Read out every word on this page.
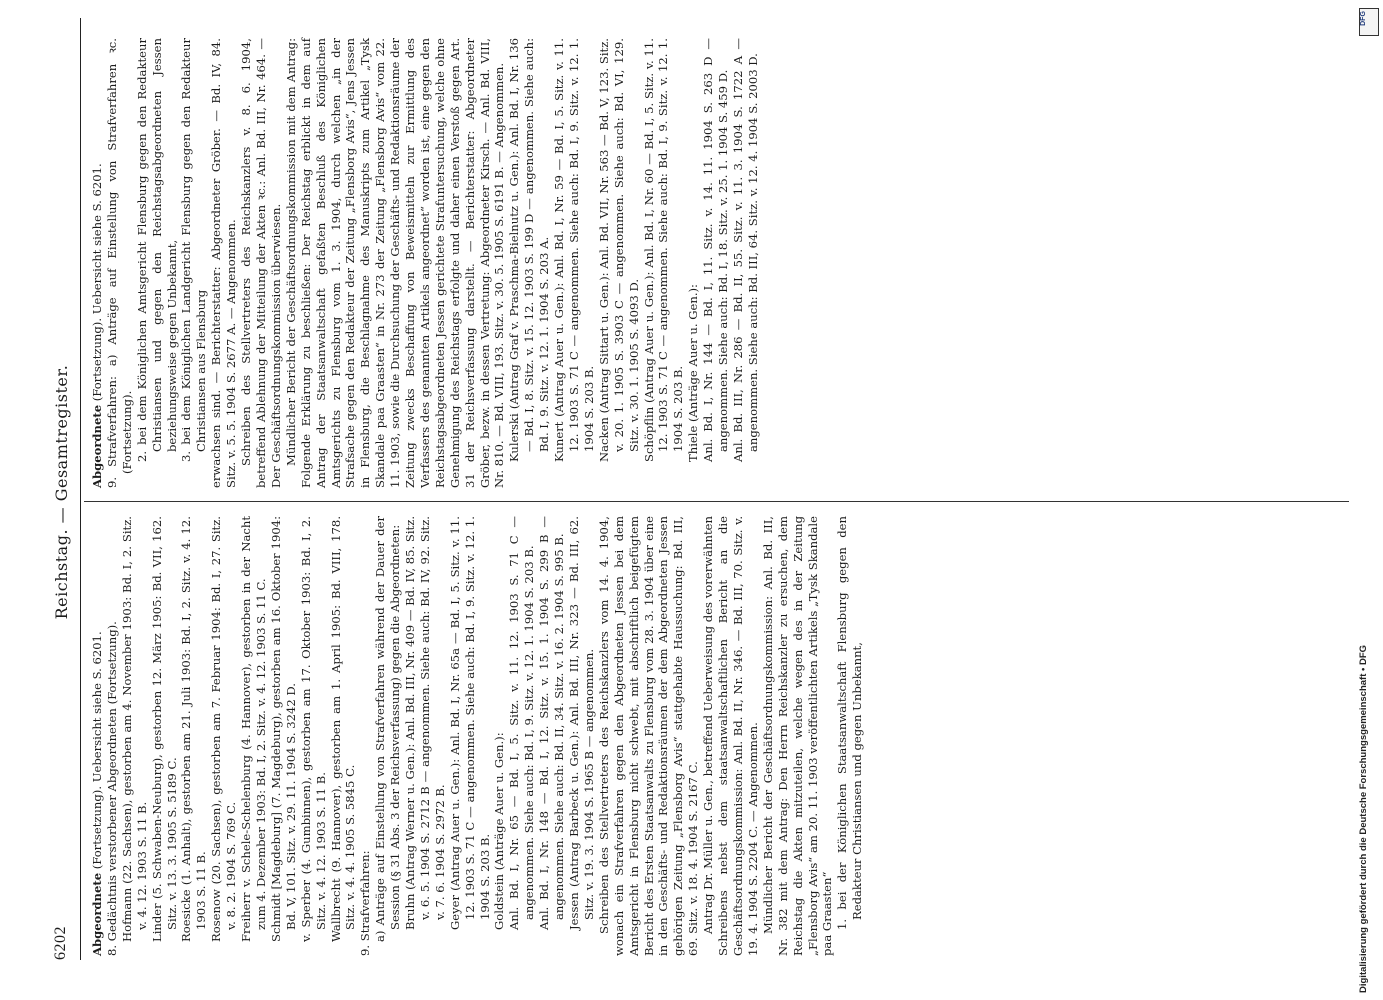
6202
Reichstag. — Gesamtregister.

Abgeordnete (Fortsetzung). Uebersicht siehe S. 6201. 8. Gedächtnis verstorbener Abgeordneten (Fortsetzung). Hofmann (22. Sachsen), gestorben am 4. November 1903: Bd. I, 2. Sitz. v. 4. 12. 1903 S. 11 B. Linder (5. Schwaben-Neuburg), gestorben 12. März 1905: Bd. VII, 162. Sitz. v. 13. 3. 1905 S. 5189 C. Roesicke (1. Anhalt), gestorben am 21. Juli 1903: Bd. I, 2. Sitz. v. 4. 12. 1903 S. 11 B. Rosenow (20. Sachsen), gestorben am 7. Februar 1904: Bd. I, 27. Sitz. v. 8. 2. 1904 S. 769 C. Freiherr v. Schele-Schelenburg (4. Hannover), gestorben in der Nacht zum 4. Dezember 1903: Bd. I, 2. Sitz. v. 4. 12. 1903 S. 11 C. Schmidt [Magdeburg] (7. Magdeburg), gestorben am 16. Oktober 1904: Bd. V, 101. Sitz. v. 29. 11. 1904 S. 3242 D. v. Sperber (4. Gumbinnen), gestorben am 17. Oktober 1903: Bd. I, 2. Sitz. v. 4. 12. 1903 S. 11 B. Wallbrecht (9. Hannover), gestorben am 1. April 1905: Bd. VIII, 178. Sitz. v. 4. 4. 1905 S. 5845 C. 9. Strafverfahren: a) Anträge auf Einstellung von Strafverfahren während der Dauer der Session (§ 31 Abs. 3 der Reichsverfassung) gegen die Abgeordneten: Bruhn (Antrag Werner u. Gen.): Anl. Bd. III, Nr. 409 — Bd. IV, 85. Sitz. v. 6. 5. 1904 S. 2712 B — angenommen. Siehe auch: Bd. IV, 92. Sitz. v. 7. 6. 1904 S. 2972 B. Geyer (Antrag Auer u. Gen.): Anl. Bd. I, Nr. 65a — Bd. I, 5. Sitz. v. 11. 12. 1903 S. 71 C — angenommen. Siehe auch: Bd. I, 9. Sitz. v. 12. 1. 1904 S. 203 B. Goldstein (Anträge Auer u. Gen.): Anl. Bd. I, Nr. 65 — Bd. I, 5. Sitz. v. 11. 12. 1903 S. 71 C — angenommen. Siehe auch: Bd. I, 9. Sitz. v. 12. 1. 1904 S. 203 B. Anl. Bd. I, Nr. 148 — Bd. I, 12. Sitz. v. 15. 1. 1904 S. 299 B — angenommen. Siehe auch: Bd. II, 34. Sitz. v. 16. 2. 1904 S. 995 B. Jessen (Antrag Barbeck u. Gen.): Anl. Bd. III, Nr. 323 — Bd. III, 62. Sitz. v. 19. 3. 1904 S. 1965 B — angenommen. Schreiben des Stellvertreters des Reichskanzlers vom 14. 4. 1904, wonach ein Strafverfahren gegen den Abgeordneten Jessen bei dem Amtsgericht in Flensburg nicht schwebt, mit abschriftlich beigefügtem Bericht des Ersten Staatsanwalts zu Flensburg vom 28. 3. 1904 über eine in den Geschäfts- und Redaktionsräumen der dem Abgeordneten Jessen gehörigen Zeitung „Flensborg Avis“ stattgehabte Haussuchung: Bd. III, 69. Sitz. v. 18. 4. 1904 S. 2167 C. Antrag Dr. Müller u. Gen., betreffend Ueberweisung des vorerwähnten Schreibens nebst dem staatsanwaltschaftlichen Bericht an die Geschäftsordnungskommission: Anl. Bd. II, Nr. 346. — Bd. III, 70. Sitz. v. 19. 4. 1904 S. 2204 C. — Angenommen. Mündlicher Bericht der Geschäftsordnungskommission: Anl. Bd. III, Nr. 382 mit dem Antrag: Den Herrn Reichskanzler zu ersuchen, dem Reichstag die Akten mitzuteilen, welche wegen des in der Zeitung „Flensborg Avis“ am 20. 11. 1903 veröffentlichten Artikels „Tysk Skandale paa Graasten“ 1. bei der Königlichen Staatsanwaltschaft Flensburg gegen den Redakteur Christiansen und gegen Unbekannt,

Abgeordnete (Fortsetzung). Uebersicht siehe S. 6201. 9. Strafverfahren: a) Anträge auf Einstellung von Strafverfahren ꝛc. (Fortsetzung). 2. bei dem Königlichen Amtsgericht Flensburg gegen den Redakteur Christiansen und gegen den Reichstagsabgeordneten Jessen beziehungsweise gegen Unbekannt, 3. bei dem Königlichen Landgericht Flensburg gegen den Redakteur Christiansen aus Flensburg erwachsen sind. — Berichterstatter: Abgeordneter Gröber. — Bd. IV, 84. Sitz. v. 5. 5. 1904 S. 2677 A. — Angenommen. Schreiben des Stellvertreters des Reichskanzlers v. 8. 6. 1904, betreffend Ablehnung der Mitteilung der Akten ꝛc.: Anl. Bd. III, Nr. 464. — Der Geschäftsordnungskommission überwiesen. Mündlicher Bericht der Geschäftsordnungskommission mit dem Antrag: Folgende Erklärung zu beschließen: Der Reichstag erblickt in dem auf Antrag der Staatsanwaltschaft gefaßten Beschluß des Königlichen Amtsgerichts zu Flensburg vom 1. 3. 1904, durch welchen „in der Strafsache gegen den Redakteur der Zeitung „Flensborg Avis“, Jens Jessen in Flensburg, die Beschlagnahme des Manuskripts zum Artikel „Tysk Skandale paa Graasten“ in Nr. 273 der Zeitung „Flensborg Avis“ vom 22. 11. 1903, sowie die Durchsuchung der Geschäfts- und Redaktionsräume der Zeitung zwecks Beschaffung von Beweismitteln zur Ermittlung des Verfassers des genannten Artikels angeordnet“ worden ist, eine gegen den Reichstagsabgeordneten Jessen gerichtete Strafuntersuchung, welche ohne Genehmigung des Reichstags erfolgte und daher einen Verstoß gegen Art. 31 der Reichsverfassung darstellt. — Berichterstatter: Abgeordneter Gröber, bezw. in dessen Vertretung: Abgeordneter Kirsch. — Anl. Bd. VIII, Nr. 810. — Bd. VIII, 193. Sitz. v. 30. 5. 1905 S. 6191 B. — Angenommen. Kulerski (Antrag Graf v. Praschma-Bielnutz u. Gen.): Anl. Bd. I, Nr. 136 — Bd. I, 8. Sitz. v. 15. 12. 1903 S. 199 D — angenommen. Siehe auch: Bd. I, 9. Sitz. v. 12. 1. 1904 S. 203 A. Kunert (Antrag Auer u. Gen.): Anl. Bd. I, Nr. 59 — Bd. I, 5. Sitz. v. 11. 12. 1903 S. 71 C — angenommen. Siehe auch: Bd. I, 9. Sitz. v. 12. 1. 1904 S. 203 B. Nacken (Antrag Sittart u. Gen.): Anl. Bd. VII, Nr. 563 — Bd. V, 123. Sitz. v. 20. 1. 1905 S. 3903 C — angenommen. Siehe auch: Bd. VI, 129. Sitz. v. 30. 1. 1905 S. 4093 D. Schöpflin (Antrag Auer u. Gen.): Anl. Bd. I, Nr. 60 — Bd. I, 5. Sitz. v. 11. 12. 1903 S. 71 C — angenommen. Siehe auch: Bd. I, 9. Sitz. v. 12. 1. 1904 S. 203 B. Thiele (Anträge Auer u. Gen.): Anl. Bd. I, Nr. 144 — Bd. I, 11. Sitz. v. 14. 11. 1904 S. 263 D — angenommen. Siehe auch: Bd. I, 18. Sitz. v. 25. 1. 1904 S. 459 D. Anl. Bd. III, Nr. 286 — Bd. II, 55. Sitz. v. 11. 3. 1904 S. 1722 A — angenommen. Siehe auch: Bd. III, 64. Sitz. v. 12. 4. 1904 S. 2003 D.

DFG
Digitalisierung gefördert durch die Deutsche Forschungsgemeinschaft • DFG
